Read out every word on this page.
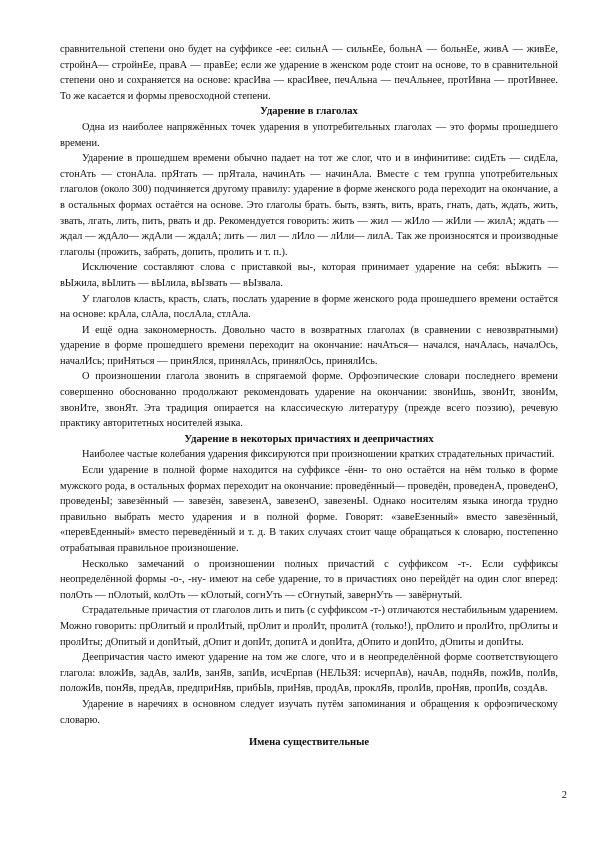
сравнительной степени оно будет на суффиксе -ее: сильнА — сильнЕе, больнА — больнЕе, живА — живЕе, стройнА— стройнЕе, правА — правЕе; если же ударение в женском роде стоит на основе, то в сравнительной степени оно и сохраняется на основе: красИва — красИвее, печАльна — печАльнее, протИвна — протИвнее. То же касается и формы превосходной степени.

Ударение в глаголах

Одна из наиболее напряжённых точек ударения в употребительных глаголах — это формы прошедшего времени.

Ударение в прошедшем времени обычно падает на тот же слог, что и в инфинитиве: сидЕть — сидЕла, стонАть — стонАла. прЯтать — прЯтала, начинАть — начинАла. Вместе с тем группа употребительных глаголов (около 300) подчиняется другому правилу: ударение в форме женского рода переходит на окончание, а в остальных формах остаётся на основе. Это глаголы брать. быть, взять, вить, врать, гнать, дать, ждать, жить, звать, лгать, лить, пить, рвать и др. Рекомендуется говорить: жить — жил — жИло — жИли — жилА; ждать — ждал — ждАло— ждАли — ждалА; лить — лил — лИло — лИли— лилА. Так же произносятся и производные глаголы (прожить, забрать, допить, пролить и т. п.).

Исключение составляют слова с приставкой вы-, которая принимает ударение на себя: вЫжить — вЫжила, вЫлить — вЫлила, вЫзвать — вЫзвала.

У глаголов класть, красть, слать, послать ударение в форме женского рода прошедшего времени остаётся на основе: крАла, слАла, послАла, стлАла.

И ещё одна закономерность. Довольно часто в возвратных глаголах (в сравнении с невозвратными) ударение в форме прошедшего времени переходит на окончание: начАться— начался, начАлась, началОсь, началИсь; приНяться — принЯлся, принялАсь, принялОсь, принялИсь.

О произношении глагола звонить в спрягаемой форме. Орфоэпические словари последнего времени совершенно обоснованно продолжают рекомендовать ударение на окончании: звонИшь, звонИт, звонИм, звонИте, звонЯт. Эта традиция опирается на классическую литературу (прежде всего поэзию), речевую практику авторитетных носителей языка.

Ударение в некоторых причастиях и деепричастиях

Наиболее частые колебания ударения фиксируются при произношении кратких страдательных причастий.

Если ударение в полной форме находится на суффиксе -ённ- то оно остаётся на нём только в форме мужского рода, в остальных формах переходит на окончание: проведённый— проведён, проведенА, проведенО, проведенЫ; завезённый — завезён, завезенА, завезенО, завезенЫ. Однако носителям языка иногда трудно правильно выбрать место ударения и в полной форме. Говорят: «завеЕзенный» вместо завезённый, «перевЕденный» вместо переведённый и т. д. В таких случаях стоит чаще обращаться к словарю, постепенно отрабатывая правильное произношение.

Несколько замечаний о произношении полных причастий с суффиксом -т-. Если суффиксы неопределённой формы -о-, -ну- имеют на себе ударение, то в причастиях оно перейдёт на один слог вперед: полОть — пОлотый, колОть — кОлотый, согнУть — сОгнутый, завернУть — завёрнутый.

Страдательные причастия от глаголов лить и пить (с суффиксом -т-) отличаются нестабильным ударением. Можно говорить: прОлитый и пролИтый, прОлит и пролИт, пролитА (только!), прОлито и пролИто, прОлиты и пролИты; дОпитый и допИтый, дОпит и допИт, допитА и допИта, дОпито и допИто, дОпиты и допИты.

Деепричастия часто имеют ударение на том же слоге, что и в неопределённой форме соответствующего глагола: вложИв, задАв, залИв, занЯв, запИв, исчЕрпав (НЕЛЬЗЯ: исчерпАв), начАв, поднЯв, пожИв, полИв, положИв, понЯв, предАв, предприНяв, прибЫв, приНяв, продАв, проклЯв, пролИв, проНяв, пропИв, создАв.

Ударение в наречиях в основном следует изучать путём запоминания и обращения к орфоэпическому словарю.

Имена существительные

2
